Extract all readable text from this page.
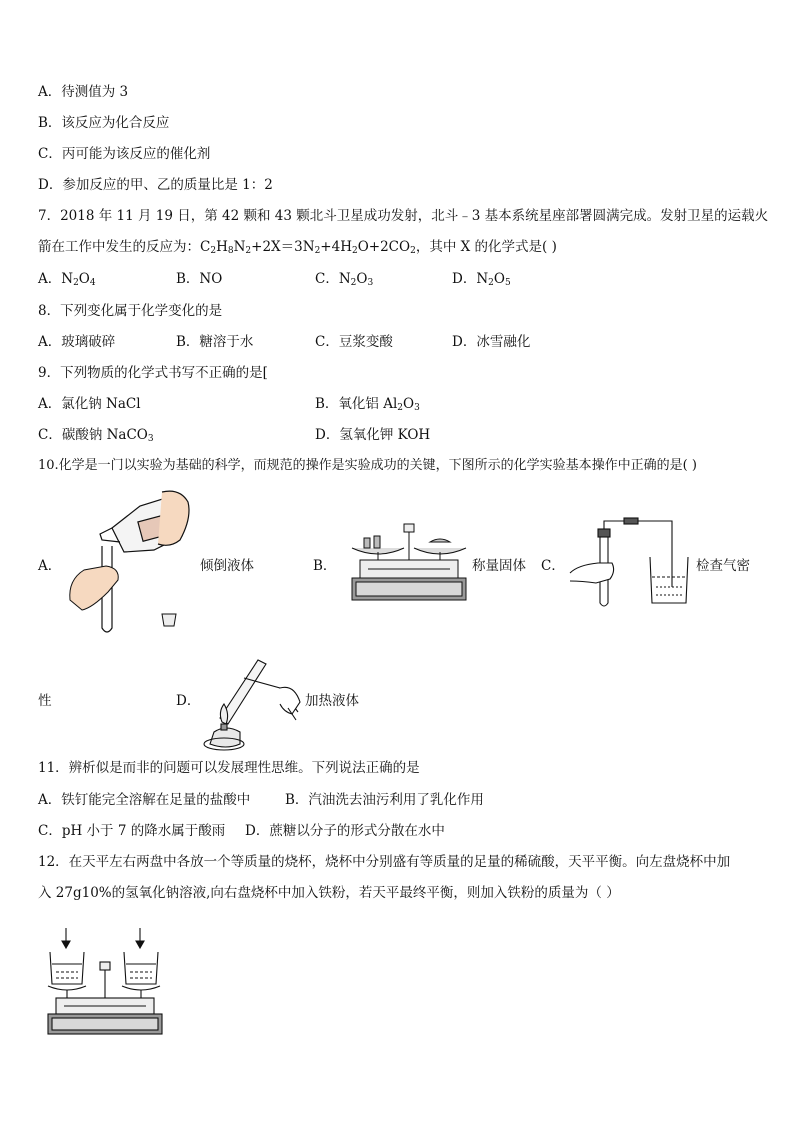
A．待测值为 3
B．该反应为化合反应
C．丙可能为该反应的催化剂
D．参加反应的甲、乙的质量比是 1：2
7．2018 年 11 月 19 日，第 42 颗和 43 颗北斗卫星成功发射，北斗﹣3 基本系统星座部署圆满完成。发射卫星的运载火
箭在工作中发生的反应为：$C_2H_8N_2+2X=3N_2+4H_2O+2CO_2$，其中 X 的化学式是( )
A．$N_2O_4$	B．NO	C．$N_2O_3$	D．$N_2O_5$
8．下列变化属于化学变化的是
A．玻璃破碎	B．糖溶于水	C．豆浆变酸	D．冰雪融化
9．下列物质的化学式书写不正确的是[
A．氯化钠 NaCl	B．氧化铝 $Al_2O_3$
C．碳酸钠 NaCO$_3$	D．氢氧化钾 KOH
10.化学是一门以实验为基础的科学，而规范的操作是实验成功的关键，下图所示的化学实验基本操作中正确的是( )
A．	倾倒液体	B．	称量固体 C．	检查气密
性	D．	加热液体
11．辨析似是而非的问题可以发展理性思维。下列说法正确的是
A．铁钉能完全溶解在足量的盐酸中	B．汽油洗去油污利用了乳化作用
C．pH 小于 7 的降水属于酸雨 D．蔗糖以分子的形式分散在水中
12．在天平左右两盘中各放一个等质量的烧杯，烧杯中分别盛有等质量的足量的稀硫酸，天平平衡。向左盘烧杯中加
入 27g10%的氢氧化钠溶液,向右盘烧杯中加入铁粉，若天平最终平衡，则加入铁粉的质量为（ ）
